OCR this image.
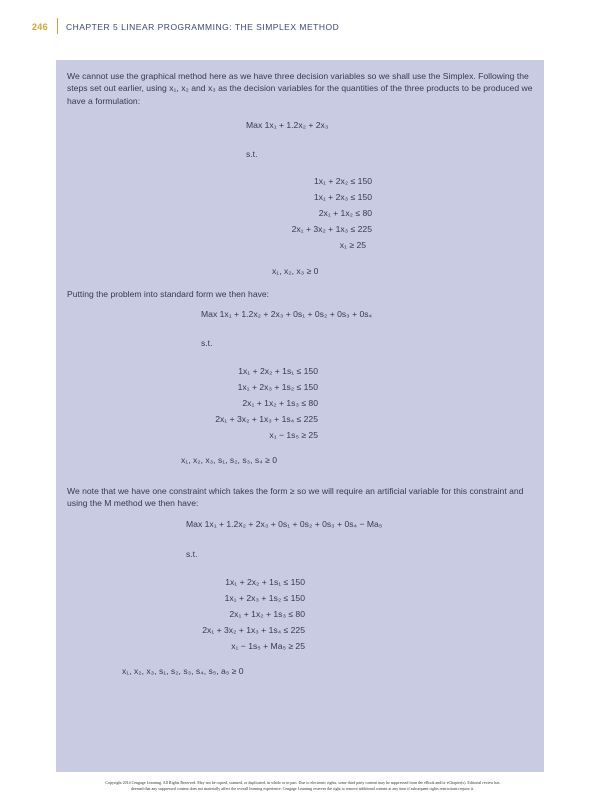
246 CHAPTER 5 LINEAR PROGRAMMING: THE SIMPLEX METHOD
We cannot use the graphical method here as we have three decision variables so we shall use the Simplex. Following the steps set out earlier, using x₁, x₂ and x₃ as the decision variables for the quantities of the three products to be produced we have a formulation:
Max 1x₁ + 1.2x₂ + 2x₃
s.t.
1x₁ + 2x₂ ≤ 150
1x₁ + 2x₃ ≤ 150
2x₁ + 1x₂ ≤ 80
2x₁ + 3x₂ + 1x₃ ≤ 225
x₁ ≥ 25
x₁, x₂, x₃ ≥ 0
Putting the problem into standard form we then have:
Max 1x₁ + 1.2x₂ + 2x₃ + 0s₁ + 0s₂ + 0s₃ + 0s₄
s.t.
1x₁ + 2x₂ + 1s₁ ≤ 150
1x₁ + 2x₃ + 1s₂ ≤ 150
2x₁ + 1x₂ + 1s₃ ≤ 80
2x₁ + 3x₂ + 1x₃ + 1s₄ ≤ 225
x₁ − 1s₅ ≥ 25
x₁, x₂, x₃, s₁, s₂, s₃, s₄ ≥ 0
We note that we have one constraint which takes the form ≥ so we will require an artificial variable for this constraint and using the M method we then have:
Max 1x₁ + 1.2x₂ + 2x₃ + 0s₁ + 0s₂ + 0s₃ + 0s₄ − Ma₅
s.t.
1x₁ + 2x₂ + 1s₁ ≤ 150
1x₁ + 2x₃ + 1s₂ ≤ 150
2x₁ + 1x₂ + 1s₃ ≤ 80
2x₁ + 3x₂ + 1x₃ + 1s₄ ≤ 225
x₁ − 1s₅ + Ma₅ ≥ 25
x₁, x₂, x₃, s₁, s₂, s₃, s₄, s₅, a₅ ≥ 0
Copyright 2014 Cengage Learning. All Rights Reserved. May not be copied, scanned, or duplicated, in whole or in part. Due to electronic rights, some third party content may be suppressed from the eBook and/or eChapter(s). Editorial review has
deemed that any suppressed content does not materially affect the overall learning experience. Cengage Learning reserves the right to remove additional content at any time if subsequent rights restrictions require it.
